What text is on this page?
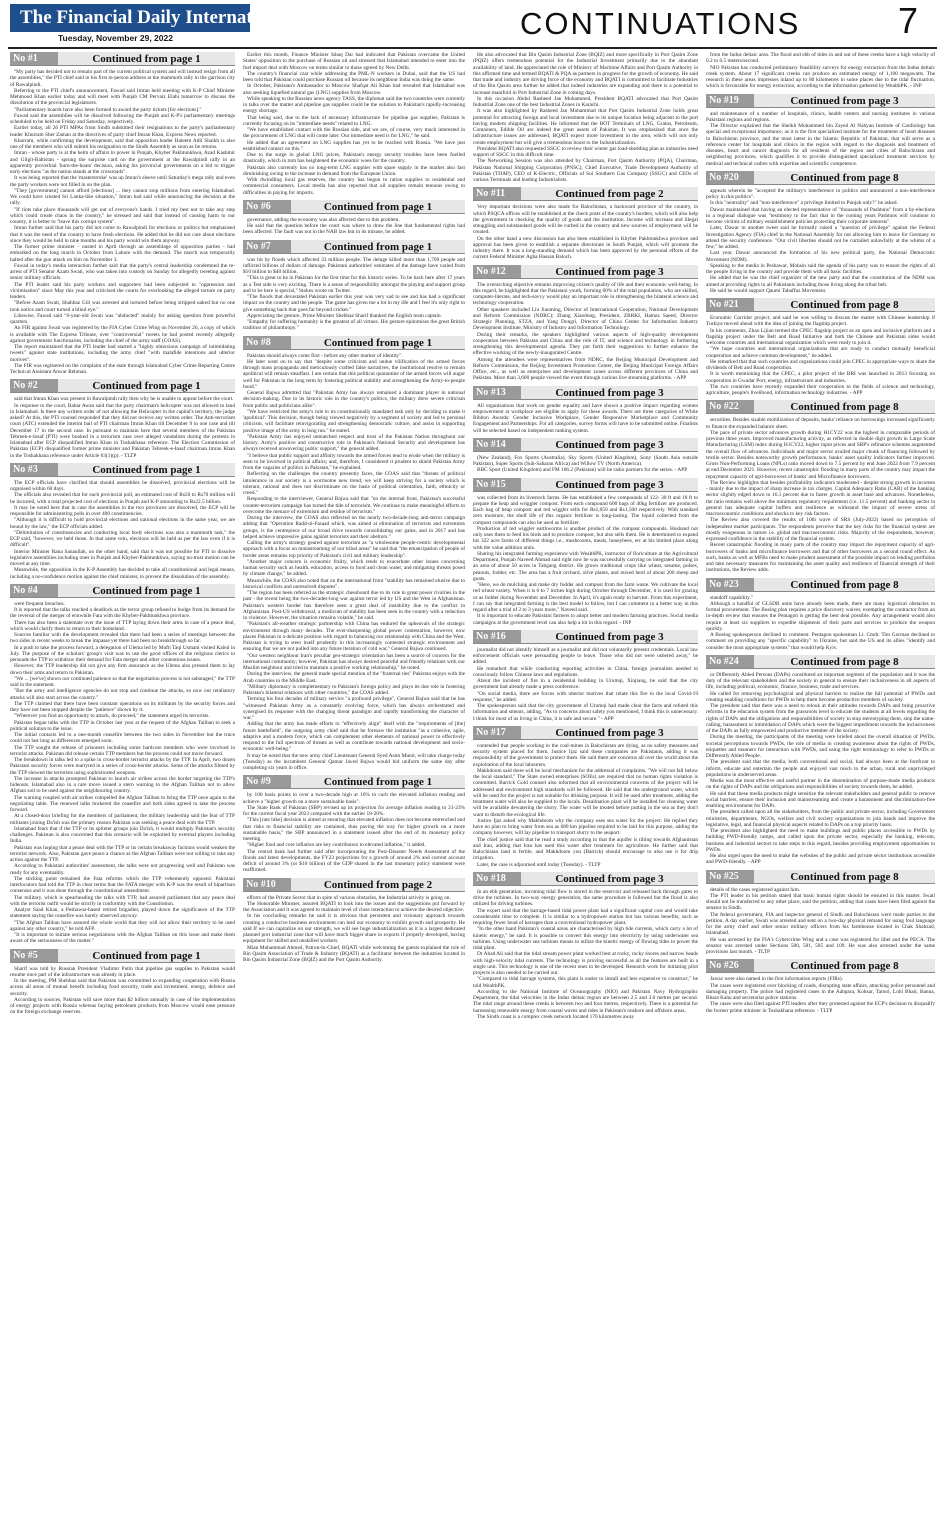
The Financial Daily International
Tuesday, November 29, 2022	CONTINUATIONS	7
No #1	Continued from page 1

"My party has decided not to remain part of the current political system and will instead resign from all the assemblies," the PTI chief said in his first in-person address at the mammoth rally in the garrison city of Rawalpindi.

Referring to the PTI chief's announcement, Fawad said Imran held meeting with K-P Chief Minister Mehmood Khan earlier today and will meet with Punjab CM Pervaiz Elahi tomorrow to discuss the dissolution of the provincial legislatures.

"Parliamentary boards have also been formed to award the party tickets [for elections]."

Fawad said the assemblies will be dissolved following the Punjab and K-P's parliamentary meetings scheduled to be held on Friday and Saturday, respectively.

Earlier today, all 26 PTI MPAs from Sindh submitted their resignations to the party's parliamentary leader Khurram Sher Zaman at the directives of party chief Imran Khan, Express News reported.

Khurram, while confirming the development, said that opposition leader Haleem Adil Shaikh is also one of the members who will submit his resignation to the Sindh Assembly as soon as he returns.

Imran - whose party is at the helm of affairs in power in Punjab, Khyber Pakhtunkhwa, Azad Kashmir and Gilgit-Baltistan - sprung the surprise card on the government at the Rawalpindi rally in an apparently proverbial 'burn-the-boats' decision, asking his provincial governments on a bid to trigger early elections "as the nation stands at the crossroads".

It was being reported that the 'masterstroke' was up Imran's sleeve until Saturday's mega rally and even the party workers were not filled in on the plan.

"They [government] cannot afford [elections] ... they cannot stop millions from entering Islamabad. We could have created Sri Lanka-like situation," Imran had said while announcing the decision at the rally.

"If riots take place thousands will get out of everyone's hands. I tried my best not to take any step which could create chaos in the country," he stressed and said that instead of causing harm to our country, it is better to "leave this corrupt system".

Imran further said that his party did not come to Rawalpindi for elections or politics but emphasised that it was the need of the country to have fresh elections. He added that he did not care about elections since they would be held in nine months and his party would win them anyway.

The former prime minister - ousted in April through an assemblage of opposition parties - had embarked on the long march in October from Lahore with the demand. The march was temporarily halted after the gun attack on him on November 3.

Fawad in today's media interaction further said that the party's central leadership condemned the re-arrest of PTI Senator Azam Swati, who was taken into custody on Sunday for allegedly tweeting against senior military officials.

The PTI leader said his party workers and supporters had been subjected to "oppression and victimisation" since May this year and criticised the courts for overlooking the alleged torture on party leaders.

"Before Azam Swati, Shahbaz Gill was arrested and tortured before being stripped naked but no one took notice and court turned a blind eye."

Likewise, Fawad said "6-year-old Swati was "abducted" mainly for asking question from powerful quarters.

An FIR against Swati was registered by the FIA Cyber Crime Wing on November 26, a copy of which is available with The Express Tribune, over "controversial" tweets he had posted recently allegedly against government functionaries, including the chief of the army staff (COAS).

The report maintained that the PTI leader had started a "highly obnoxious campaign of intimidating tweets" against state institutions, including the army chief "with malafide intentions and ulterior motives".

The FIR was registered on the complaint of the state through Islamabad Cyber Crime Reporting Centre Technical Assistant Anwar Rehman.

No #2	Continued from page 1

said that Imran Khan was present in Rawalpindi rally then why he is unable to appear before the court.

In response to the court, Babar Awan said that the party chairman's helicopter was not allowed to land in Islamabad. Is there any written order of not allowing the Helicopter in the capital's territory, the judge asked? At this, the PTI counsel responded that they did not receive any written order. The Anti-terrorism court (ATC) extended the interim bail of PTI chairman Imran Khan till December 9 in one case and till December 17 in the second case. In pursuant to maintain here that several members of the Pakistan Tehreek-e-Insaf (PTI) were booked in a terrorism case over alleged vandalism during the protests in Islamabad after ECP disqualified Imran Khan in Toshakhana reference. The Election Commission of Pakistan (ECP) disqualified former prime minister and Pakistan Tehreek-e-Insaf chairman Imran Khan in the Toshakhana reference under Article 63(1)(p). - TLTP

No #3	Continued from page 1

The ECP officials have clarified that should assemblies be dissolved, provincial elections will be organised within 60 days.

The officials also revealed that for each provincial poll, an estimated cost of Rs50 to Rs70 million will be incurred, with a total projected cost of elections in Punjab and K-P amounting to Rs22.5 billion.

It may be noted here that in case the assemblies in the two provinces are dissolved, the ECP will be responsible for administering polls in over 400 constituencies.

"Although it is difficult to hold provincial elections and national elections in the same year, we are bound by the law," the ECP officials added.

"Delimitation of constituencies and conducting local body elections was also a mammoth task," the ECP said, "however, we held those. In that same vein, elections will be held as per the law even if it is difficult".

Interior Minister Rana Sanaullah, on the other hand, said that it was not possible for PTI to dissolve legislative assemblies including ones in Punjab and Khyber-Pakhtunkhwa, saying no-trust motion can be moved at any time.

Meanwhile, the opposition in the K-P Assembly has decided to take all constitutional and legal means, including a no-confidence motion against the chief minister, to prevent the dissolution of the assembly.

No #4	Continued from page 1

were frequent breaches.

It is reported that the talks reached a deadlock as the terror group refused to budge from its demand for the reversal of the merger of erstwhile Fata with the Khyber-Pakhtunkhwa province.

There has also been a stalemate over the issue of TTP laying down their arms in case of a peace deal, which would clarify them to return to their homeland.

Sources familiar with the development revealed that there had been a series of meetings between the two sides in recent weeks to break the impasse yet there had been no breakthrough so far.

In a push to take the process forward, a delegation of Ulema led by Mufti Taqi Usmani visited Kabul in July. The purpose of the scholars' group's visit was to use the good offices of the religious clerics to persuade the TTP to withdraw their demand for Fata merger and other contentious issues.

However, the TTP leadership did not give any firm assurance as the Ulema also pressed them to lay down their arms and return to Pakistan.

"We ... [we've] shown our continued patience so that the negotiation process is not sabotaged," the TTP said in the statement.

"But the army and intelligence agencies do not stop and continue the attacks, so now our retaliatory attacks will also start across the country."

The TTP claimed that there have been constant operations on its militants by the security forces and they have not been stopped despite the "patience" shown by it.

"Wherever you find an opportunity to attack, do proceed," the statement urged its terrorists.

Pakistan began talks with the TTP in October last year at the request of the Afghan Taliban to seek a political solution to the issue.

The initial contacts led to a one-month ceasefire between the two sides in November but the truce could not last long as differences emerged soon.

The TTP sought the release of prisoners including some hardcore members who were involved in terrorist attacks. Pakistan did release certain TTP members but the process could not move forward.

The breakdown in talks led to a spike in cross-border terrorist attacks by the TTP. In April, two dozen Pakistani security forces were martyred in a series of cross-border attacks. Some of the attacks filmed by the TTP showed the terrorists using sophisticated weapons.

The increase in attacks prompted Pakistan to launch air strikes across the border targeting the TTP's hideouts. Islamabad also in a rare move issued a stern warning to the Afghan Taliban not to allow Afghan soil to be used against the neighbouring country.

The warning coupled with air strikes compelled the Afghan Taliban to bring the TTP once again to the negotiating table. The renewed talks brokered the ceasefire and both sides agreed to take the process forward.

At a closed-door briefing for the members of parliament, the military leadership said the fear of TTP militants joining Da'ish was the primary reason Pakistan was seeking a peace deal with the TTP.

Islamabad fears that if the TTP or its splinter groups join Da'ish, it would multiply Pakistan's security challenges. Pakistan is also concerned that this scenario will be exploited by external players including India.

Pakistan was hoping that a peace deal with the TTP or its certain breakaway factions would weaken the terrorist network. Also, Pakistan gave peace a chance as the Afghan Taliban were not willing to take any action against the TTP.

According to Pakistani authorities' assessment, the talks were not progressing well and Pakistan was ready for any eventuality.

The sticking point remained the Fata reforms which the TTP vehemently opposed. Pakistani interlocutors had told the TTP in clear terms that the FATA merger with K-P was the result of bipartisan consensus and it was done through the constitutional amendment.

The military, which is spearheading the talks with TTP, had assured parliament that any peace deal with the terrorist outfit would be strictly in conformity with the Constitution.

Analyst Saad Khan, a Peshawar-based retired brigadier, played down the significance of the TTP statement saying the ceasefire was barely observed anyway.

"The Afghan Taliban have assured the whole world that they will not allow their territory to be used against any other country," he told AFP.

"It is important to initiate serious negotiations with the Afghan Taliban on this issue and make them aware of the seriousness of the matter."

No #5	Continued from page 1

Sharif was told by Russian President Vladimir Putin that pipeline gas supplies to Pakistan would resume once part of the infrastructure was already in place.

In the meeting, PM Shehbaz said that Pakistan was committed to expanding cooperation with Russia across all areas of mutual benefit including food security, trade and investment, energy, defence and security.

According to sources, Pakistan will save more than $2 billion annually in case of the implementation of energy projects with Russia whereas buying petroleum products from Moscow would ease pressure on the foreign exchange reserves.

Earlier this month, Finance Minister Ishaq Dar had indicated that Pakistan overcame the United States' opposition to the purchase of Russian oil and stressed that Islamabad intended to enter into the fuel import deal with Moscow on terms similar to those agreed by New Delhi.

The country's financial czar while addressing the PML-N workers in Dubai, said that the US had been told that Pakistan could purchase Russian oil because its neighbour India was doing the same.

In October, Pakistan's Ambassador to Moscow Shafqat Ali Khan had revealed that Islamabad was also seeking liquefied natural gas (LNG) supplies from Moscow.

While speaking to the Russian news agency TASS, the diplomat said the two countries were currently in talks over the matter and pipeline gas supplies could be the solution to Pakistan's rapidly-increasing energy shortage.

That being said, due to the lack of necessary infrastructure for pipeline gas supplies, Pakistan is currently focusing on its "immediate needs" related to LNG.

"We have established contact with the Russian side, and we are, of course, very much interested in the procurement of LNG that will come later. Our immediate need is for LNG," he said.

He added that an agreement on LNG supplies has yet to be reached with Russia. "We have just established contact on this."

Due to the surge in global LNG prices, Pakistan's energy security troubles have been fuelled drastically, which in turn has heightened the economic woes for the country.

Pakistan also currently has no long-term LNG supplier with spare supply in the market also fast diminishing owing to the increase in demand from the European Union.

With dwindling local gas reserves, the country has begun to ration supplies to residential and commercial consumers. Local media has also reported that oil supplies remain tenuous owing to difficulties in paying for imports.

No #6	Continued from page 1

governance, adding the economy was also affected due to this problem.

He said that the question before the court was where to draw the line that fundamental rights had been affected. The fault was not in the NAB law but in its misuse, he added.

No #7	Continued from page 1

was hit by floods which affected 33 million people. The deluge killed more than 1,700 people and inflicted billions of dollars of damage. Pakistani authorities' estimates of the damage have varied from $10 billion to $40 billion.

"This is great to be in Pakistan for the first time for this historic series. To be back here after 17 years as a Test side is very exciting. There is a sense of responsibility amongst the playing and support group and to be here is special," Stokes wrote on Twitter.

"The floods that devastated Pakistan earlier this year was very sad to see and has had a significant impact on the country and the people. The game has given me a lot in my life and I feel it's only right to give something back that goes far beyond cricket."

Appreciating the gesture, Prime Minister Shehbaz Sharif thanked the English team captain.

"Empathy for suffering humanity is the greatest of all virtues. His gesture epitomises the great British tradition of philanthropy."

No #8	Continued from page 1

Pakistan should always come first - before any other marker of identity".

He later went on to say that "despite some criticism and undue vilification of the armed forces through mass propaganda and meticulously crafted false narratives, the institutional resolve to remain apolitical will remain steadfast. I am certain that this political quarantine of the armed forces will augur well for Pakistan in the long term by fostering political stability and strengthening the Army-to-people bond."

General Bajwa admitted that "Pakistan Army has always remained a dominant player in national decision-making. Due to its historic role in the country's politics, the military drew severe criticism from public and politicians alike".

"We have restricted the army's role to its constitutionally mandated task only by deciding to make it 'apolitical'. This decision, though being viewed negatively by a segment of society and led to personal criticism, will facilitate reinvigorating and strengthening democratic culture, and assist in supporting positive image of the army in long run." he stated.

"Pakistan Army has enjoyed unmatched respect and trust of the Pakistan Nation throughout our history. Army's positive and constructive role in Pakistan's National Security and development has always received unwavering public support," the general added.

"I believe that public support and affinity towards the armed forces tend to erode when the military is seen to be involved in political affairs; and, therefore, I considered it prudent to shield Pakistan Army from the vagaries of politics in Pakistan," he explained.

Reflecting on the challenges the country presently faces, the COAS said that "threats of political intolerance in our society is a worrisome new trend; we will keep striving for a society which is tolerant, rational and does not discriminate on the basis of political orientation, faith, ethnicity or creed."

Responding to the interviewer, General Bajwa said that "on the internal front, Pakistan's successful counter-terrorism campaign has turned the tide of terrorism. We continue to make meaningful efforts to overcome the menace of extremism and residue of terrorism."

During the interview, the COAS also reflected on the nearly two-decade-long anti-terror campaign adding that "Operation Radd-ul-Fasaad which, was aimed at elimination of terrorists and extremists groups, is the centrepiece of our broad drive towards consolidating our gains, and in 2017 and has helped achieve impressive gains against terrorists and their abettors."

Calling the army's strategy geared against terrorism as "a wholesome people-centric developmental approach with a focus on mainstreaming of our tribal areas" he said that "the emancipation of people of border areas remains top priority of Pakistan's civil and military leadership".

"Another major concern is economic frailty, which tends to exacerbate other issues concerning human security such as health, education, access to food and clean water, and mitigating threats posed by climate change," he added.

Meanwhile, the COAS also noted that on the international front "stability has remained elusive due to historical conflicts and unresolved disputes".

"The region has been referred as the strategic chessboard due to its role in great power rivalries in the past - the recent being the two-decades-long war against terror led by US and the West in Afghanistan. Pakistan's western border has therefore seen a great deal of instability due to the conflict in Afghanistan. Post-US withdrawal, a modicum of stability has been seen in the country with a reduction in violence. However, the situation remains volatile," he said.

"Pakistan's all-weather strategic partnership with China has endured the upheavals of the strategic environment through many decades. The ever-sharpening global power contestation, however, now places Pakistan in a delicate position with regard to balancing our relationship with China and the West. Pakistan is trying to steer itself prudently in this increasingly contested strategic environment and ensuring that we are not pulled into any future iteration of cold war," General Bajwa continued.

"Our western neighbour Iran's peculiar geo-strategic orientation has been a source of concern for the international community; however, Pakistan has always desired peaceful and friendly relations with our Muslim neighbour and tried to maintain a positive working relationship," he noted.

During the interview, the general made special mention of the "fraternal ties" Pakistan enjoys with the Arab countries in the Middle East.

"Military diplomacy is complementary to Pakistan's foreign policy and plays its due role in fostering Pakistan's bilateral relations with other countries," the COAS added.

Terming his four decades of military service "a profound privilege", General Bajwa said that he has "witnessed Pakistan Army as a constantly evolving force, which has always orchestrated and synergised its response with the changing threat paradigm and rapidly transforming the character of war."

Adding that the army has made efforts to "effectively align" itself with the "requirements of [the] future battlefield", the outgoing army chief said that he foresaw the institution "as a cohesive, agile, adaptive and a modern force, which can complement other elements of national power to effectively respond to the full spectrum of threats as well as contribute towards national development and socio-economic well-being."

It may be noted that the new army chief Lieutenant General Syed Asim Munir, will take charge today (Tuesday) as the incumbent General Qamar Javed Bajwa would bid uniform the same day after completing six years in office.

No #9	Continued from page 1

by 100 basis points to over a two-decade high at 16% to curb the elevated inflation reading and achieve a "higher growth on a more sustainable basis".

The State Bank of Pakistan (SBP) revised up its projection for average inflation reading to 21-23% for the current fiscal year 2023 compared with the earlier 18-20%.

"This [rate hike] decision is aimed at ensuring that elevated inflation does not become entrenched and that risks to financial stability are contained, thus paving the way for higher growth on a more sustainable basis," the SBP announced in a statement issued after the end of its monetary policy meeting.

"Higher food and core inflation are key contributors to elevated inflation," it added.

The central bank had further said after incorporating the Post-Disaster Needs Assessment of the floods and latest developments, the FY23 projections for a growth of around 2% and current account deficit of around 3% (or $10 billion) of the GDP shared in the last monetary policy statement were reaffirmed.

No #10	Continued from page 2

efforts of the Private Sector that in spite of various obstacles, the Industrial activity is going on.

The Honorable Minister, assured BQATI to look into the issues and the suggestions put forward by the Association and it was agreed to maintain level of close interaction to achieve the desired objective.

In his concluding remarks he said it is obvious that persistent and visionary approach towards creating a conducive business environment can lead our economy to exhibit growth and prosperity. He said If we can capitalize on our strength, we will see huge industrialization as it is a largest dedicated planned port industrial zone that will have much bigger share in exports if properly developed, having equipment for skilled and unskilled workers.

Mian Muhammad Ahmed, Patron-In-Chief, BQATI while welcoming the guests explained the role of Bin Qasim Association of Trade & Industry (BQATI) as a facilitator between the industries located in Bin Qasim Industrial Zone (BQIZ) and the Port Qasim Authority.

He also advocated that Bin Qasim Industrial Zone (BQIZ) and more specifically in Port Qasim Zone (PQIZ) offers tremendous potential for the Industrial Investment primarily due to the abundant availability of land. He appreciated the role of Ministry of Maritime Affairs and Port Qasim Authority in this affirmed time and termed BQATI & PQA as partners in progress for the growth of economy. He said that trade and industry are driving force of the economy and BQATI is committed to facilitate Industries of the Bin Qasim area further he added that indeed industries are expanding and there is a potential to increase manifold in Port Industrial Zone in coming days.

In this occasion Abdul Rasheed Jan Mohammed, President BQATI advocated that Port Qasim Industrial Zone one of the best Industrial Zones in Karachi.

It was also highlighted by Rasheed Jan Mohammad that Port Qasim Industrial Zone holds great potential for attracting foreign and local investment due to its unique location being adjacent to the port having modern shipping facilities. He informed that the BOT Terminals of LNG, Grains, Petroleum, Containers, Edible Oil are indeed the great assets of Pakistan. It was emphasized that once the infrastructure issues are addressed, BQATI expect more investment in the area, which will not only create employment but will give a tremendous boost to the Industrialization.

President BQATI also requested SSGC to review their winter gas load-shedding plan as industries need support of SSGC in this difficult time.

The Networking Session was also attended by Chairman, Port Qasim Authority (PQA), Chairman, Pakistan National Shipping Corporation (PNSC), Chief Executive, Trade Development Authority of Pakistan (TDAP), CEO of K-Electric, Officials of Sui Southern Gas Company (SSGC) and CEOs of various Terminals and leading Industrialists.

No #11	Continued from page 2

Very important decisions were also made for Balochistan, a backward province of the country, in which PSQCA offices will be established at the check posts of the country's borders, which will also help the government in checking the quality of goods and the institution. Income will increase and illegal smuggling and substandard goods will be curbed in the country and new sources of employment will be created.

On the other hand a new discussion has also been established in Khyber Pakhtunkhwa province and approval has been given to establish a separate directorate in South Punjab, which will promote the industry there. It was a long-standing demand which has been approved by the personal efforts of the current Federal Minister Agha Hassan Baloch.

No #12	Continued from page 3

The overarching objective remains improving citizen's quality of life and their economic well-being. In this regard, he highlighted that the Pakistani youth, forming 60% of the total population, who are skilled, computer-literate, and tech-savvy would play an important role in strengthening the bilateral science and technology cooperation.

Other speakers included Liu Jianming, Director of International Cooperation, National Development and Reform Commission (NDRC); Zhang Xiaodong, President, ZBRKI, Hamza Saeed, Director Strategic Planning, STZA, and Yang Dongri, Director of China Center for Information Industry Development Institute, Ministry of Industry and Information Technology.

During their remarks, the speakers highlighted various aspects of high-quality development cooperation between Pakistan and China and the role of IT, and science and technology in furthering strengthening this developmental agenda. They put forth their suggestions to further enhance the effective working of the newly-inaugurated Centre.

Among the attendees were representatives from NDRC, the Beijing Municipal Development and Reform Commission, the Beijing Investment Promotion Center, the Beijing Municipal Foreign Affairs Office, etc., as well as enterprises and development zones across different provinces of China and Pakistan. More than 3,600 people viewed the event through various live streaming platforms. - APP

No #13	Continued from page 3

All organisations that work on gender equality and have shown a positive impact regarding women empowerment at workplace are eligible to apply for these awards. There are three categories of White Ribbon Awards: Gender Inclusive Workplace, Gender Responsive Marketplace and Community Engagement and Partnerships. For all categories, survey forms will have to be submitted online. Finalists will be selected based on independent ranking system.

No #14	Continued from page 3

(New Zealand), Fox Sports (Australia), Sky Sports (United Kingdom), Sony (South Asia outside Pakistan), Super Sports (Sub-Saharan Africa) and Willow TV (North America).

BBC Sport (United Kingdom) and FM 106.2 (Pakistan) will be radio partners for the series. - APP

No #15	Continued from page 3

was collected from its livestock farms. He has established a few compounds of 122- 30 ft and 18 ft to prepare the heap and wriggler compost. From each compound 600 bags of 40kg fertilizer are produced. Each bag of heap compost and red wiggler sells for Rs1,050 and Rs1,500 respectively. With standard zero moisture, the shelf life of this organic fertilizer is long-lasting. The liquid collected from the compost compounds can also be used as fertilizer.

Production of red wiggler earthworms is another product of the compost compounds. Husband not only uses them to feed his birds and to produce compost, but also sells them. He is determined to expand his 322 acre farms of different things i.e., mushrooms, meals, honeybees, etc at his limited place along with the value addition units.

Sharing his integrated farming experience with WealthPK, instructor of floriculture at the Agricultural Department, Punjab Naveed Ahmad said right now he was successfully carrying on integrated farming in an area of about 50 acres in Tabgang district. He grows traditional crops like wheat, sesame, pulses, peanuts, fodder, etc. The area has a fruit orchard, olive plants, and mixed herd of about 200 sheep and goats.

"Here, we do mulching and make dry fodder and compost from the farm waste. We cultivate the local red wheat variety. When it is 6 to 7 inches high during October through December, it is used for grazing or as fodder during November and December. In April, it's again ready to harvest. From this experiment, I can say that integrated farming is the best model to follow, but I can comment in a better way in this regard after a trial of 2 to 3 years more," Naveed said.

It is important to educate Pakistani farmers to adopt better and modern farming practices. Social media campaigns at the government level can also help a lot in this regard. - INP

No #16	Continued from page 3

journalist did not identify himself as a journalist and did not voluntarily present credentials. Local law enforcement officials were persuading people to leave. Those who did not were ushered away," he added.

He remarked that while conducting reporting activities in China, foreign journalists needed to consciously follow Chinese laws and regulations.

About the incident of fire in a residential building in Urumqi, Xinjiang, he said that the city government had already made a press conference.

"On social media, there are forces with ulterior motives that relate this fire to the local Covid-19 response," he added.

The spokesperson said that the city government of Urumqi had made clear the facts and refuted this information and smears, adding, "As to concerns about safety you mentioned, I think this is unnecessary. I think for most of us living in China, it is safe and secure." - APP

No #17	Continued from page 3

contended that people working in the coal-mines in Balochistan are dying, as no safety measures and security system placed for them. Justice Ijaz said these companies are Pakistanis, adding it was responsibility of the government to protect them. He said there are concerns all over the world about the exploitation of the local labourers.

Makhdoom said there will be local mechanism for the addressal of complaints. "We will not fall below the local standard." The State owned enterprises (SOEs) are required that no human rights violation is committed. Barrick Gold counsel also informed that all environmental concerns of the project will be addressed and environment high standards will be followed. He said that the underground water, which will be used for the project is not suitable for drinking purpose. It will be used after treatment, adding the treatment water will also be supplied to the locals. Desalination plant will be installed for cleaning water will be available dewatering the slurry. The water will be treated before putting in the sea as they don't want to disturb the ecological life.

Justice Ijaz asked why Makhdoom why the company uses sea water for the project. He replied they have no plan to bring water from sea as 680 km pipeline required to be laid for this purpose, adding the company however, will lay pipeline to transport slurry to the seaport.

The chief justice said that he read a study according to that the aquifer is tilting towards Afghanistan and Iran, adding that Iran has used this water after treatment for agriculture. He further said that Balochistan land is fertile, and Makhdoom you (Barrick) should encourage to also use it for drip irrigation.

Later, the case is adjourned until today (Tuesday). - TLTP

No #18	Continued from page 3

In an ebb generation, incoming tidal flow is stored in the reservoir and released back through gates to drive the turbines. In two-way energy generation, the same procedure is followed but the flood is also utilized for driving turbines.

The expert said that the barrage-based tidal power plant had a significant capital cost and would take considerable time to complete. It is similar to a hydropower station but has various benefits, such as requiring fewer head of barrages than a conventional hydropower plant.

"In the other hand Pakistan's coastal areas are characterised by high tide currents, which carry a lot of kinetic energy," he said. It is possible to convert this energy into electricity by using underwater sea turbines. Using underwater sea turbines means to utilize the kinetic energy of flowing tides to power the tidal plant.

Dr Ahad Ali said that the tidal stream power plant worked best at rocky, rocky shores and narrow heads with high-velocity tidal currents. The technology is proving successful as all the features are built in a single unit. This technology is one of the recent ones to be developed. Research work for initiating pilot projects is also needed to be carried out.

"Compared to tidal barrage systems, this plant is easier to install and less expensive to construct," he told WealthPK.

According to the National Institute of Oceanography (NIO) and Pakistan Navy Hydrographic Department, the tidal velocities in the Indus deltaic region are between 2.5 and 3.0 metres per second. The tidal range around these creeks is between two and four metres, respectively. There is a potential for harnessing renewable energy from coastal waves and tides in Pakistan's onshore and offshore areas.

The Sindh coast is a complex creek network located 170 kilometres away

from the Indus deltaic area. The flood and ebb of tides in and out of these creeks have a high velocity of 0.2 to 0.5 meters/second.

NIO Pakistan has conducted preliminary feasibility surveys for energy extraction from the Indus deltaic creek system. About 17 significant creeks can produce an estimated energy of 1,100 megawatts. The research in these areas impresses inland up to 80 kilometres in some places due to the tidal fluctuation, which is favourable for energy extraction, according to the information gathered by WealthPK. - INP

No #19	Continued from page 3

and maintenance of a number of hospitals, clinics, health centers and nursing institutes in various Pakistani regions and regions.

The Director explained that the Sheikh Mohammed bin Zayed Al Nahyan Institute of Cardiology has special and exceptional importance, as it is the first specialized institute for the treatment of heart diseases in Balochistan province, and the most latest in the Islamic Republic of Pakistan, that will serve as a reference center for hospitals and clinics in the region with regard to the diagnosis and treatment of diseases, heart and cancer diagnosis for all residents of the region and cities of Balochistan and neighboring provinces, which qualifies it to provide distinguished specialized treatment services by medical and technical cadres with expertise and scientific competence.

No #20	Continued from page 8

appeals wherein he "accepted the military's interference in politics and announced a non-interference policy in this politics".

Is this "neutrality" and "non-interference" a privilege limited to Punjab only?" he asked.

Dawar maintained that having an elected representative of "thousands of Pashtuns" from a by-elections to a regional dialogue was "testimony to the fact that in the coming years Pashtuns will continue to become victims of military establishment policies protecting their corporate interests".

Later, Dawar in another tweet said he formally raised a "question of privilege" against the Federal Investigation Agency (FIA) chief in the National Assembly for not allowing him to leave for Germany to attend the security conference. "Our civil liberties should not be curtailed unlawfully at the whims of a few," he added.

Last year, Dawar announced the formation of his new political party, the National Democratic Movement (NDM).

Speaking to the media in Peshawar, Mohsin said the agenda of his party was to ensure the rights of all the people living in the country and provide them with all basic facilities.

He added that he was the chief organizer of the new party and that the constitution of the NDM was aimed at providing rights to all Pakistanis including those living along the tribal belt.

He said he would support Qaumi Tahaffuz Movement.

No #21	Continued from page 8

Economic Corridor project, and said he was willing to discuss the matter with Chinese leadership if Turkiye moved ahead with the idea of joining the flagship project.

In his comments, Zhao Lijian termed the CPEC flagship project as an open and inclusive platform and a flagship project under the Belt and Road Initiative and both the Chinese and Pakistani sides would welcome countries and international organization which were ready to join it.

"We hope countries and international organizations that are ready to conduct mutually beneficial cooperation and achieve common development," he added.

He remarked that that such countries and organizations could join CPEC in appropriate ways to share the dividends of Belt and Road cooperation.

It is worth mentioning that the CPEC, a pilot project of the BRI was launched in 2013 focusing on cooperation in Gwadar Port, energy, infrastructure and industries.

The two countries have recently expanded their cooperation to the fields of science and technology, agriculture, people's livelihood, information technology industries. - APP

No #22	Continued from page 8

securities. Besides sizable mobilization of deposits, banks' reliance on borrowings increased significantly to finance the expanded balance sheet.

The pace of private sector advances growth during H1CY22 was the highest in comparable periods of previous three years. Improved manufacturing activity, as reflected in double digit growth in Large Scale Manufacturing (LSM) index during H1CY22, higher input prices and SBP's refinance schemes augmented the overall flow of advances. Individuals and major sector availed major chunk of financing followed by textile sector. Besides noteworthy growth performance, banks' asset quality indicators further improved. Gross Non-Performing Loans (NPLs) ratio moved down to 7.5 percent by end June 2022 from 7.9 percent at end December 2021. However, recent catastrophic flooding in many parts of the country may impact the repayment capacity of agri-borrowers of banks' and Microfinance borrowers.

The Review highlights that besides profitability indicators moderated - despite strong growth in incomes - mainly due to the impact of sharp increase in tax charges. Capital Adequacy Ratio (CAR) of the banking sector slightly edged down to 16.1 percent due to faster growth in asset base and advances. Nonetheless, the ratio remains well above the minimum regulatory requirement (i.e. 11.5 percent) and banking sector in general has adequate capital buffers and resilience as withstand the impact of severe stress of macroeconomic conditions and shocks to key risk factors.

The Review also covered the results of 10th wave of SRS (July-2022) based on perception of independent market participants. The respondents perceive that the key risks for the financial system are mostly exogenous in nature i.e. global and macroeconomic risks. Majority of the respondents, however, expressed confidence in the stability of the financial system.

Recent catastrophic flooding in many parts of the country may impact the repayment capacity of agri-borrowers of banks and microfinance borrowers and that of other borrowers as a second round effect. As such, banks as well as MFBs need to make prudent assessment of the possible impact on lending portfolios and take necessary measures for maintaining the asset quality and resilience of financial strength of their institutions, the Review adds.

No #23	Continued from page 8

standoff capability."

Although a handful of GLSDB units have already been made, there are many logistical obstacles to formal procurement. The Boeing plan requires a price discovery waiver, exempting the contractor from an in-depth review that ensures the Pentagon is getting the best deal possible. Any arrangement would also require at least six suppliers to expedite shipments of their parts and services to produce the weapon quickly.

A Boeing spokesperson declined to comment. Pentagon spokesman Lt. Cmdr. Tim Gorman declined to comment on providing any "specific capability" to Ukraine, but said the US and its allies "identify and consider the most appropriate systems" that would help Kyiv.

No #24	Continued from page 8

or Differently Abled Persons (DAPs) constituted an important segment of the population and it was the duty of the relevant stakeholders and the society in general to ensure their inclusiveness in all aspects of life, including political, economic, finance, business, trade and services.

He called for removing psychological and physical barriers to realize the full potential of PWDs and creating enabling conditions for PWDs to help them become productive members of society.

The president said that there was a need to relook at their attitudes towards DAPs and bring proactive reforms in the education system from the grassroots level to educate the students at all levels regarding the rights of DAPs and the obligations and responsibilities of society to stop stereotyping them, stop the name-calling, harassment or intimidation of DAPs which were the biggest impediment towards the inclusiveness of the DAPs as fully empowered and productive member of the society.

During the meeting, the participants of the meeting were briefed about the overall situation of PWDs, societal perceptions towards PWDs, the role of media in creating awareness about the rights of PWDs, etiquettes and manners for interaction with PWDs, and using the right terminology to refer to PWDs or Differently Abled People.

The president said that the media, both conventional and social, had always been at the forefront to inform, educate and entertain the people and enjoyed vast reach to the urban, rural and unprivileged populations in underserved areas.

Media was the most effective and useful partner in the dissemination of purpose-made media products on the rights of DAPs and the obligations and responsibilities of society towards them, he added.

He said that these media products might sensitize the relevant stakeholders and general public to remove social barriers, ensure their inclusion and mainstreaming and create a harassment and discrimination-free enabling environment for DAPs.

The president called upon all the stakeholders, from the public and private sector, including Government ministries, departments, NGOs, welfare and civil society organizations to join hands and improve the legislative, legal, and financial physical aspects related to DAPs on a top priority basis.

The president also highlighted the need to make buildings and public places accessible to PWDs by building PWD-friendly ramps, and called upon the private sector, especially the banking, telecom, business and industrial sectors to take steps in this regard, besides providing employment opportunities to PWDs.

He also urged upon the need to make the websites of the public and private sector institutions accessible and PWD-friendly. - APP

No #25	Continued from page 8

details of the cases registered against him.

The PTI leader in his petition stated that basic human rights should be ensured in this matter. Swati should not be transferred to any other place, said the petition, adding that cases have been filed against the senator in Sindh.

The federal government, FIA and inspector general of Sindh and Balochistan were made parties to the petition. A day earlier, Swati was arrested and sent on a two-day physical remand for using foul language for the army chief and other senior military officers from his farmhouse located in Chak Shahzad, Islamabad.

He was arrested by the FIA's Cybercrime Wing and a case was registered for libel and the PECA. The senator was arrested under Sections 500, 501, 505 and 109. He was also arrested under the same provisions last month. - TLTP

No #26	Continued from page 8

Jawaz were also named in the first information reports (FIRs).

The cases were registered over blocking of roads, disrupting state affairs, attacking police personnel and damaging property. The police had registered cases in the Aabpara, Kohsar, Tarnol, Lohi Bhair, Banna, Bhara Kahu and secretariat police stations.

The cases were also filed against PTI leaders after they protested against the ECP's decision to disqualify the former prime minister in Toshakhana reference. - TLTP
